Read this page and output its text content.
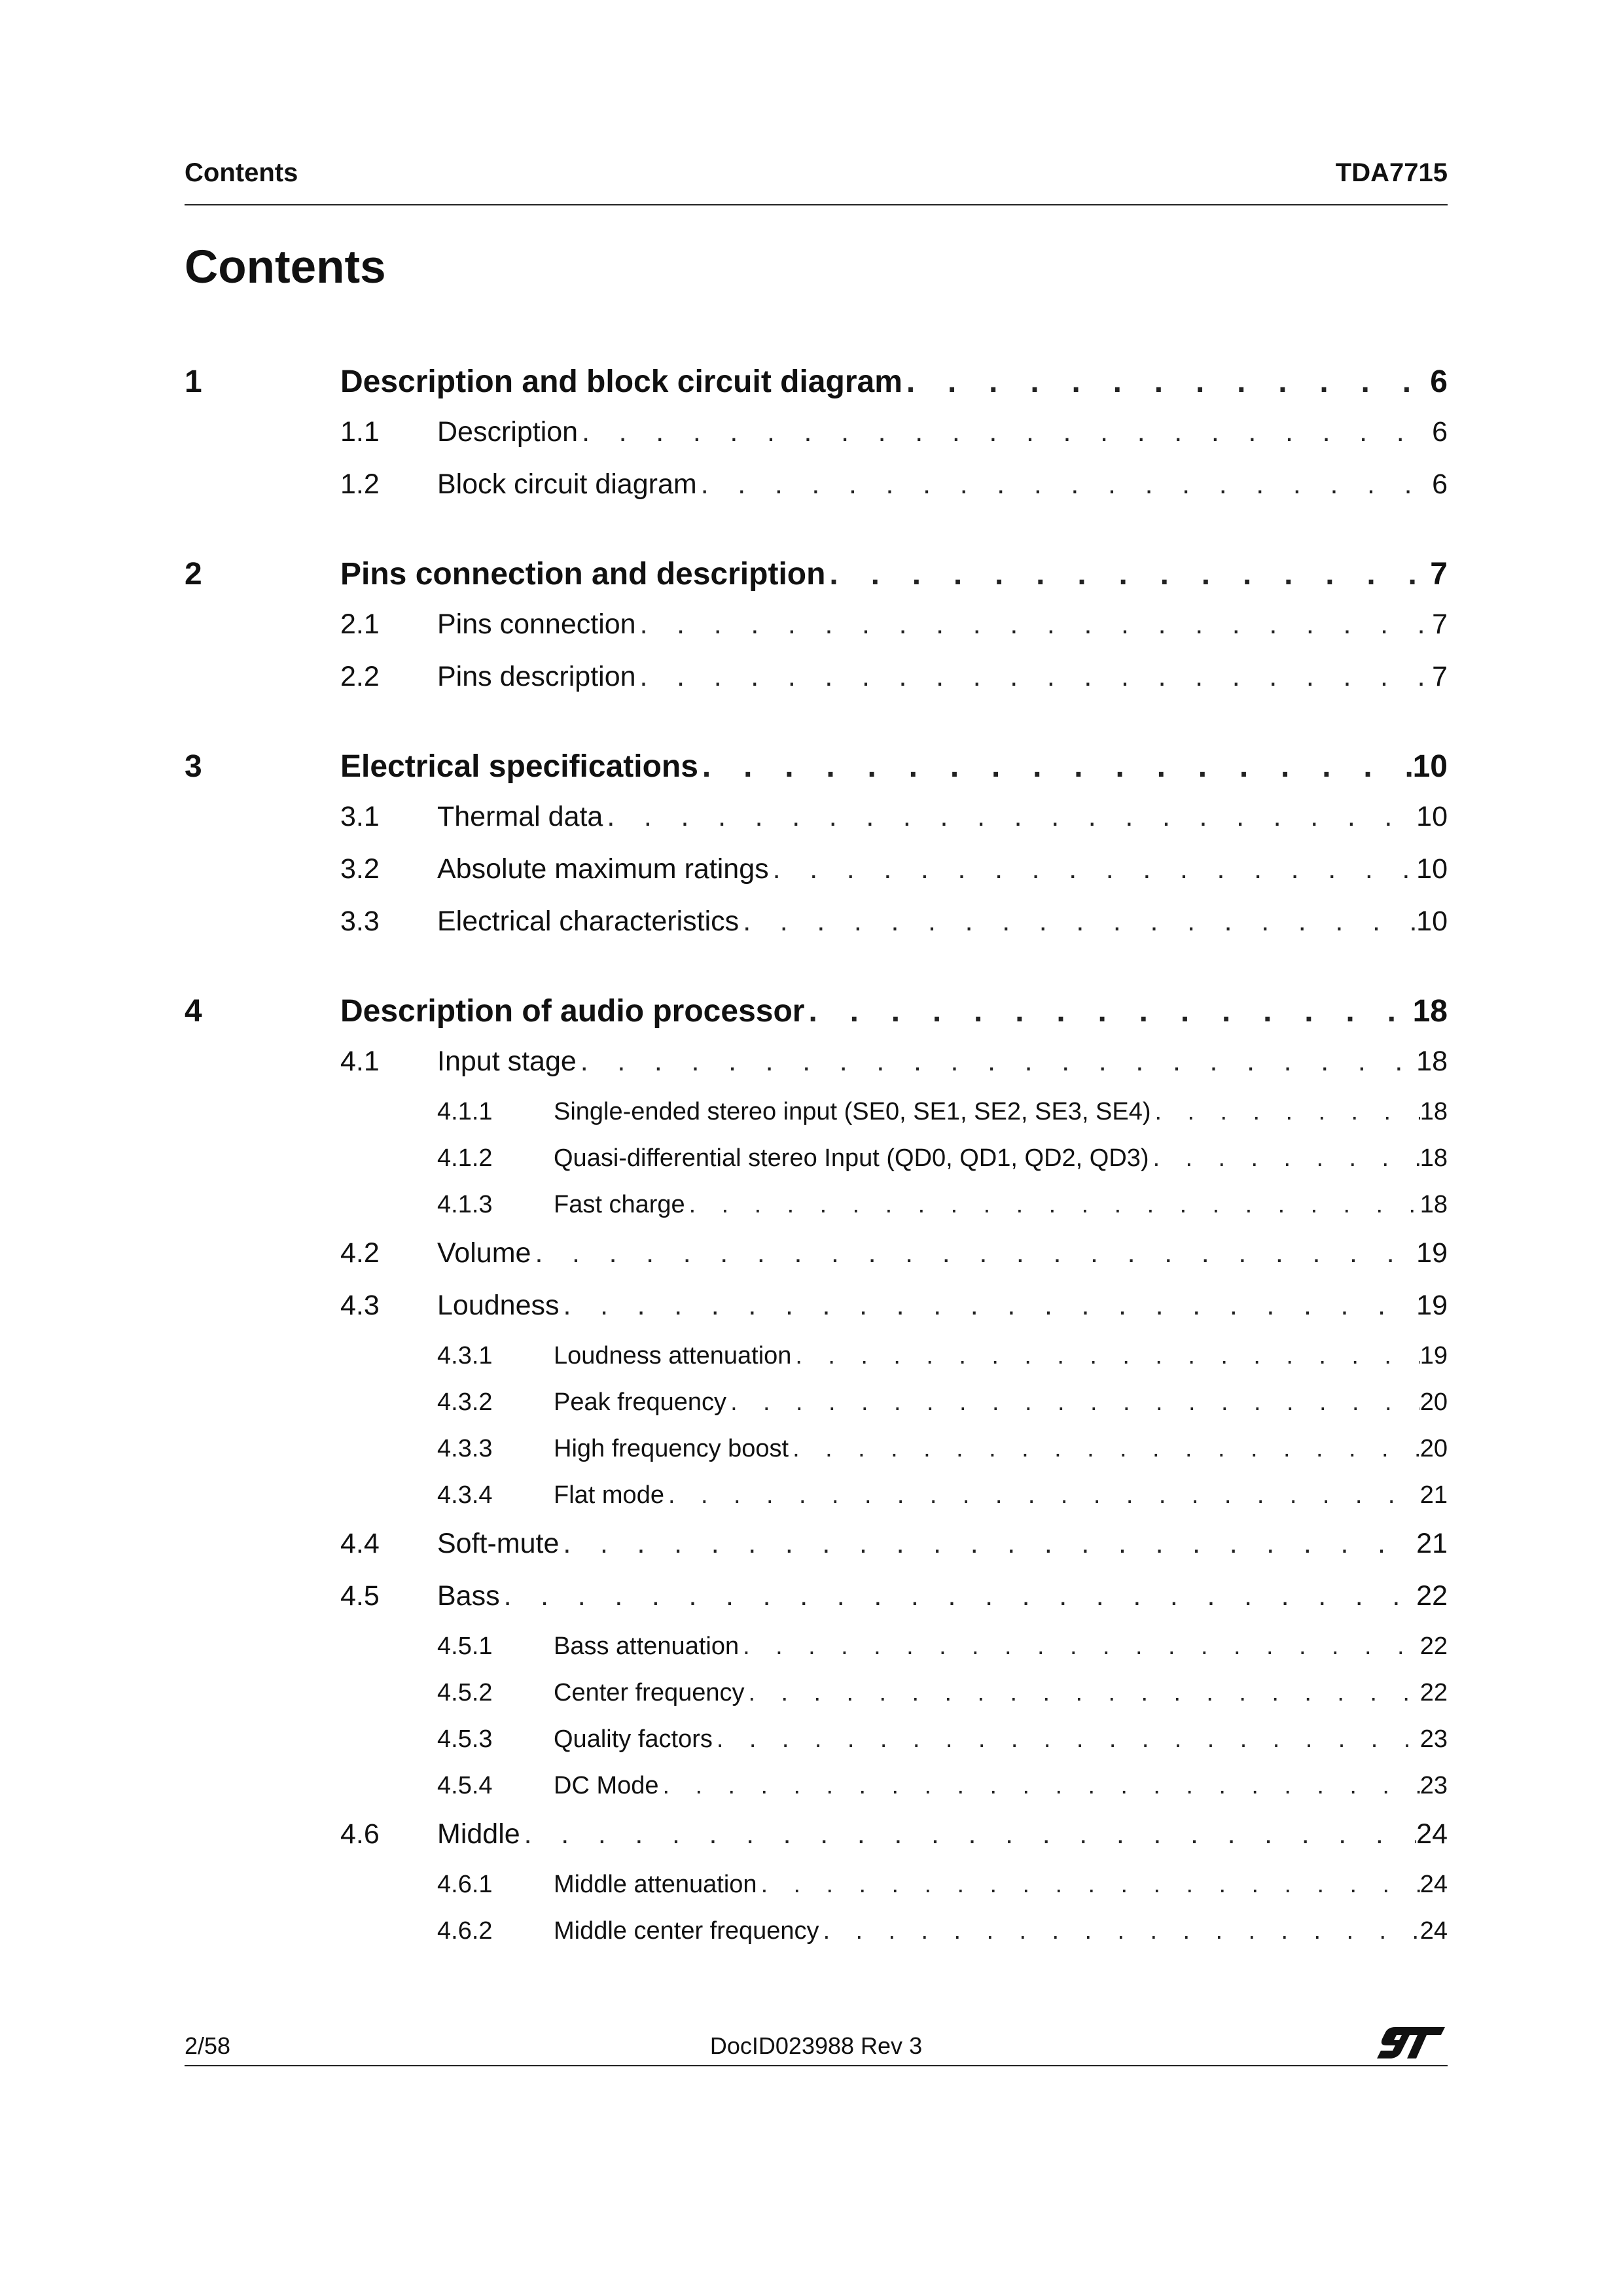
Contents	TDA7715
Contents
1	Description and block circuit diagram . . .	6
1.1	Description . . .	6
1.2	Block circuit diagram . . .	6
2	Pins connection and description . . .	7
2.1	Pins connection . . .	7
2.2	Pins description . . .	7
3	Electrical specifications . . .	10
3.1	Thermal data . . .	10
3.2	Absolute maximum ratings . . .	10
3.3	Electrical characteristics . . .	10
4	Description of audio processor . . .	18
4.1	Input stage . . .	18
4.1.1	Single-ended stereo input (SE0, SE1, SE2, SE3, SE4) . . .	18
4.1.2	Quasi-differential stereo Input (QD0, QD1, QD2, QD3) . . .	18
4.1.3	Fast charge . . .	18
4.2	Volume . . .	19
4.3	Loudness . . .	19
4.3.1	Loudness attenuation . . .	19
4.3.2	Peak frequency . . .	20
4.3.3	High frequency boost . . .	20
4.3.4	Flat mode . . .	21
4.4	Soft-mute . . .	21
4.5	Bass . . .	22
4.5.1	Bass attenuation . . .	22
4.5.2	Center frequency . . .	22
4.5.3	Quality factors . . .	23
4.5.4	DC Mode . . .	23
4.6	Middle . . .	24
4.6.1	Middle attenuation . . .	24
4.6.2	Middle center frequency . . .	24
2/58	DocID023988 Rev 3
